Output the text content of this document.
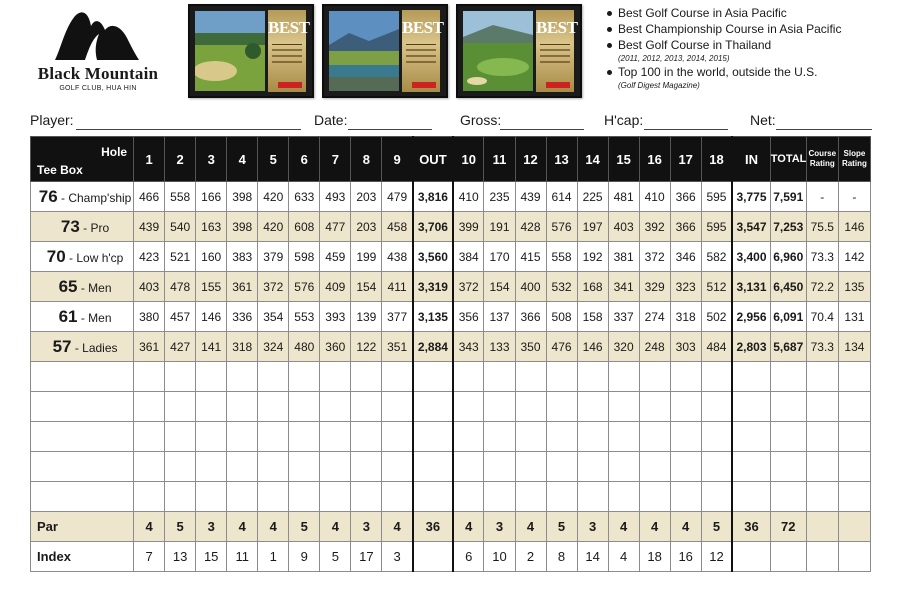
Black Mountain
GOLF CLUB, HUA HIN
BEST	BEST	BEST
Best Golf Course in Asia Pacific
Best Championship Course in Asia Pacific
Best Golf Course in Thailand
(2011, 2012, 2013, 2014, 2015)
Top 100 in the world, outside the U.S.
(Golf Digest Magazine)
Player:	Date:	Gross:	H'cap:	Net:
Hole
Tee Box	1	2	3	4	5	6	7	8	9	OUT	10	11	12	13	14	15	16	17	18	IN	TOTAL	Course Rating	Slope Rating
76 - Champ'ship	466	558	166	398	420	633	493	203	479	3,816	410	235	439	614	225	481	410	366	595	3,775	7,591	-	-
73 - Pro	439	540	163	398	420	608	477	203	458	3,706	399	191	428	576	197	403	392	366	595	3,547	7,253	75.5	146
70 - Low h'cp	423	521	160	383	379	598	459	199	438	3,560	384	170	415	558	192	381	372	346	582	3,400	6,960	73.3	142
65 - Men	403	478	155	361	372	576	409	154	411	3,319	372	154	400	532	168	341	329	323	512	3,131	6,450	72.2	135
61 - Men	380	457	146	336	354	553	393	139	377	3,135	356	137	366	508	158	337	274	318	502	2,956	6,091	70.4	131
57 - Ladies	361	427	141	318	324	480	360	122	351	2,884	343	133	350	476	146	320	248	303	484	2,803	5,687	73.3	134

Par	4	5	3	4	4	5	4	3	4	36	4	3	4	5	3	4	4	4	5	36	72		
Index	7	13	15	11	1	9	5	17	3		6	10	2	8	14	4	18	16	12				
